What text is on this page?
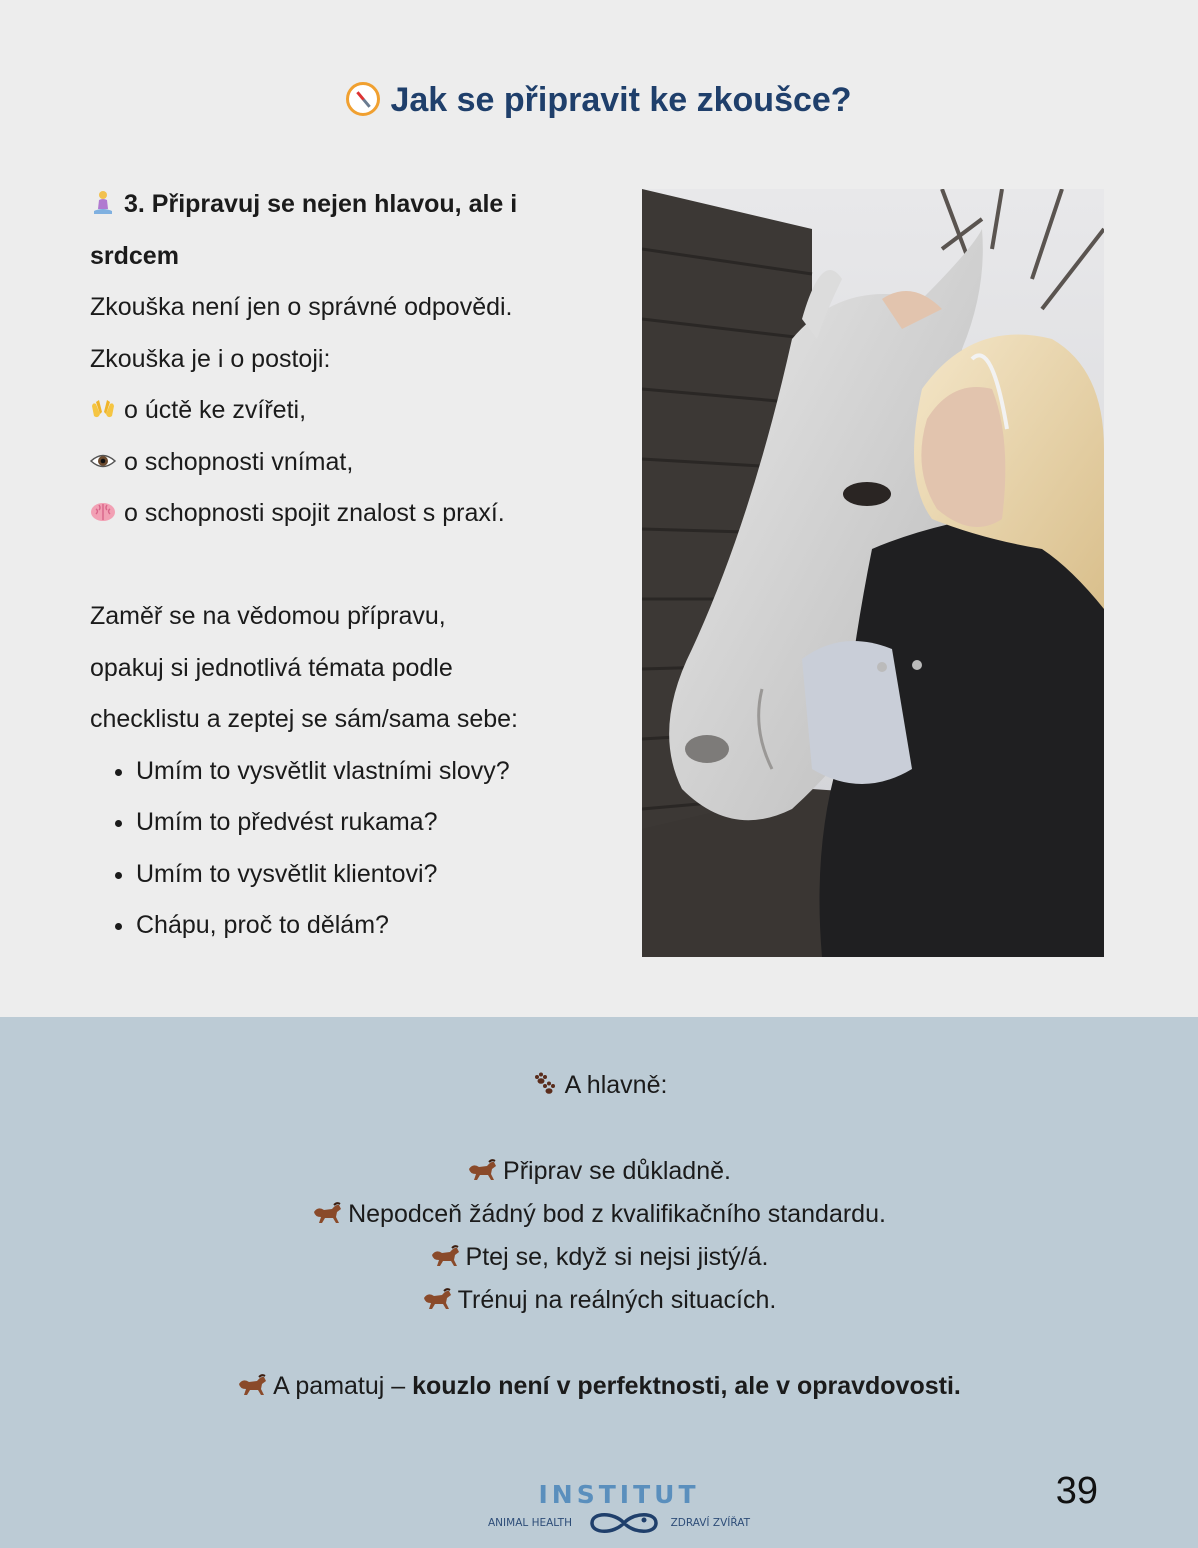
Jak se připravit ke zkoušce?

3. Připravuj se nejen hlavou, ale i

srdcem

Zkouška není jen o správné odpovědi.

Zkouška je i o postoji:

o úctě ke zvířeti,

o schopnosti vnímat,

o schopnosti spojit znalost s praxí.

Zaměř se na vědomou přípravu,

opakuj si jednotlivá témata podle

checklistu a zeptej se sám/sama sebe:

• Umím to vysvětlit vlastními slovy?
• Umím to předvést rukama?
• Umím to vysvětlit klientovi?
• Chápu, proč to dělám?

A hlavně:

Připrav se důkladně.

Nepodceň žádný bod z kvalifikačního standardu.

Ptej se, když si nejsi jistý/á.

Trénuj na reálných situacích.

A pamatuj – kouzlo není v perfektnosti, ale v opravdovosti.

INSTITUT
ANIMAL HEALTH	ZDRAVÍ ZVÍŘAT
39
